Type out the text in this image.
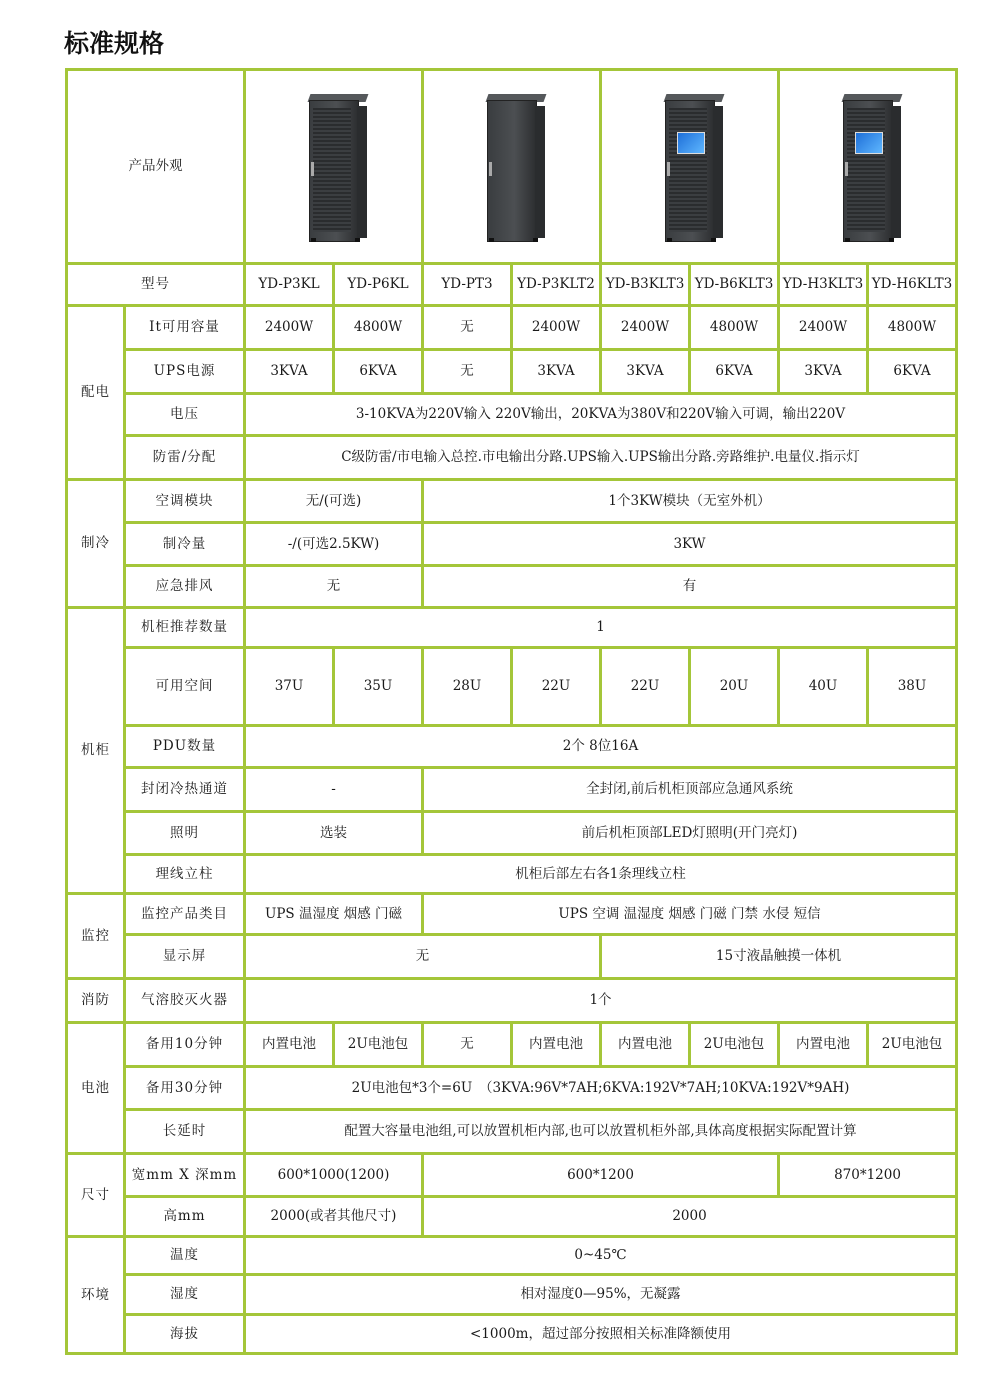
标准规格
产品外观						

型号		YD-P3KL	YD-P6KL	YD-PT3	YD-P3KLT2	YD-B3KLT3	YD-B6KLT3	YD-H3KLT3	YD-H6KLT3
配电	It可用容量	2400W	4800W	无	2400W	2400W	4800W	2400W	4800W
	UPS电源	3KVA	6KVA	无	3KVA	3KVA	6KVA	3KVA	6KVA
	电压	3-10KVA为220V输入 220V输出，20KVA为380V和220V输入可调，输出220V							
	防雷/分配	C级防雷/市电输入总控.市电输出分路.UPS输入.UPS输出分路.旁路维护.电量仪.指示灯							
制冷	空调模块	无/(可选)		1个3KW模块（无室外机）					
	制冷量	-/(可选2.5KW)		3KW					
	应急排风	无		有					
机柜	机柜推荐数量	1							
	可用空间	37U	35U	28U	22U	22U	20U	40U	38U
	PDU数量	2个 8位16A							
	封闭冷热通道	-		全封闭,前后机柜顶部应急通风系统					
	照明	选装		前后机柜顶部LED灯照明(开门亮灯)					
	理线立柱	机柜后部左右各1条理线立柱							
监控	监控产品类目	UPS 温湿度 烟感 门磁		UPS 空调 温湿度 烟感 门磁 门禁 水侵 短信					
	显示屏	无				15寸液晶触摸一体机			
消防	气溶胶灭火器	1个							
电池	备用10分钟	内置电池	2U电池包	无	内置电池	内置电池	2U电池包	内置电池	2U电池包
	备用30分钟	2U电池包*3个=6U　（3KVA:96V*7AH;6KVA:192V*7AH;10KVA:192V*9AH)							
	长延时	配置大容量电池组,可以放置机柜内部,也可以放置机柜外部,具体高度根据实际配置计算							
尺寸	宽mm X 深mm	600*1000(1200)		600*1200				870*1200	
	高mm	2000(或者其他尺寸)		2000					
环境	温度	0~45℃							
	湿度	相对湿度0—95%，无凝露							
	海拔	<1000m，超过部分按照相关标准降额使用							
